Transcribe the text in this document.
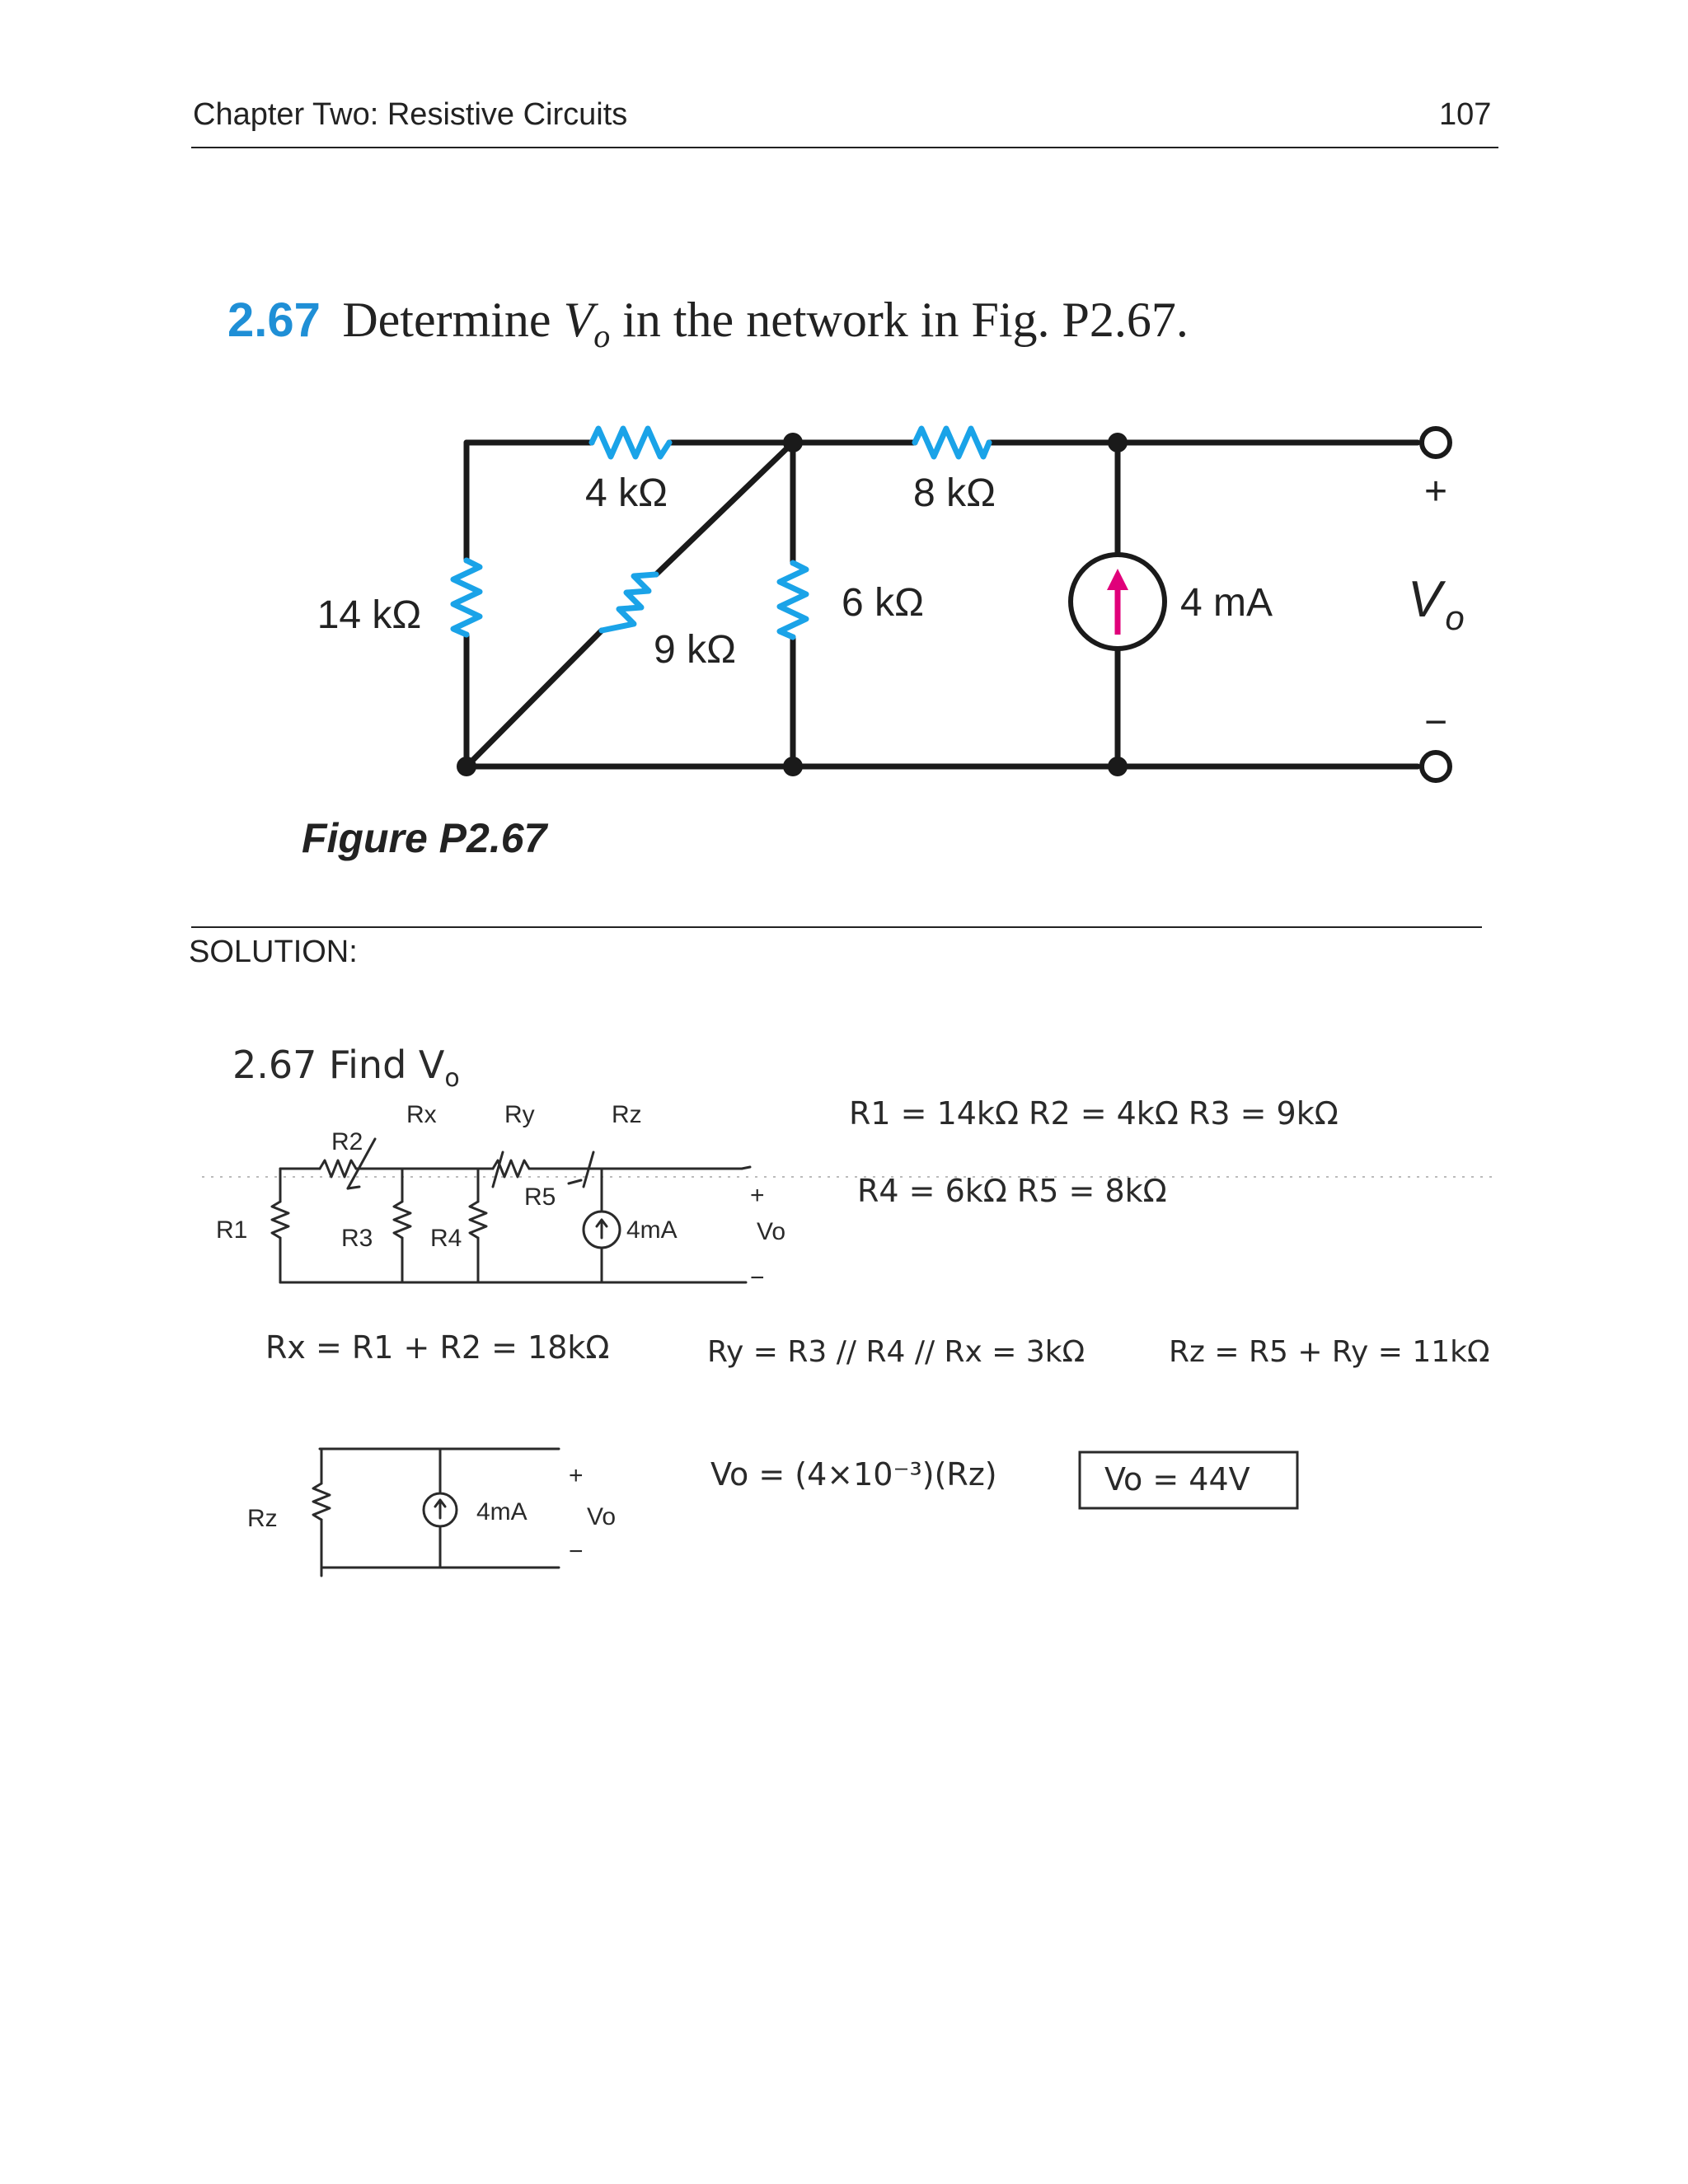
Chapter Two: Resistive Circuits	107
2.67 Determine $V_o$ in the network in Fig. P2.67.
4 kΩ	8 kΩ
14 kΩ
9 kΩ
6 kΩ	4 mA
+
−
$V_o$
Figure P2.67
SOLUTION:
2.67 Find $V_o$
R2
Rx	Ry	Rz
R1	R3 R4
R5
4mA
+
Vo
−
R1 = 14kΩ R2 = 4kΩ R3 = 9kΩ
R4 = 6kΩ R5 = 8kΩ
Rx = R1 + R2 = 18kΩ	Ry = R3 // R4 // Rx = 3kΩ	Rz = R5 + Ry = 11kΩ
Rz	4mA
+
Vo
−
Vo = (4×10⁻³)(Rz)	Vo = 44V
